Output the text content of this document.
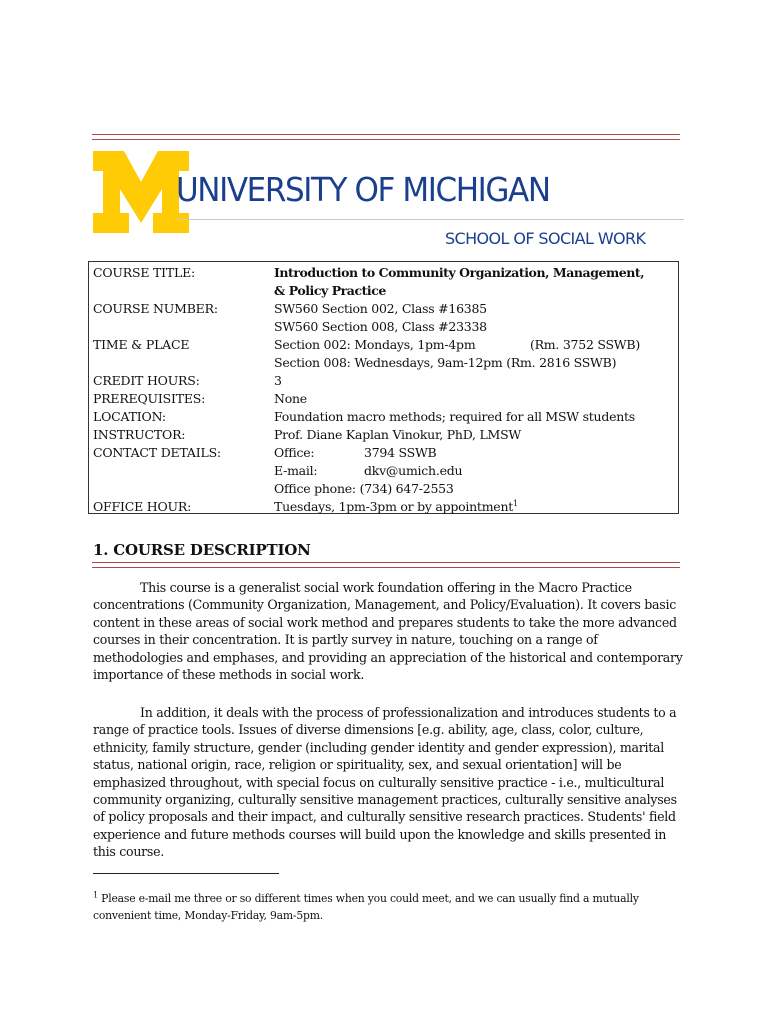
UNIVERSITY OF MICHIGAN
SCHOOL OF SOCIAL WORK
COURSE TITLE:	Introduction to Community Organization, Management,
& Policy Practice
COURSE NUMBER:	SW560 Section 002, Class #16385
SW560 Section 008, Class #23338
TIME & PLACE	Section 002: Mondays, 1pm-4pm	(Rm. 3752 SSWB)
Section 008: Wednesdays, 9am-12pm (Rm. 2816 SSWB)
CREDIT HOURS:	3
PREREQUISITES:	None
LOCATION:	Foundation macro methods; required for all MSW students
INSTRUCTOR:	Prof. Diane Kaplan Vinokur, PhD, LMSW
CONTACT DETAILS:	Office:	3794 SSWB
E-mail:	dkv@umich.edu
Office phone: (734) 647-2553
OFFICE HOUR:	Tuesdays, 1pm-3pm or by appointment$^1$
1. COURSE DESCRIPTION

This course is a generalist social work foundation offering in the Macro Practice concentrations (Community Organization, Management, and Policy/Evaluation). It covers basic content in these areas of social work method and prepares students to take the more advanced courses in their concentration. It is partly survey in nature, touching on a range of methodologies and emphases, and providing an appreciation of the historical and contemporary importance of these methods in social work.

In addition, it deals with the process of professionalization and introduces students to a range of practice tools. Issues of diverse dimensions [e.g. ability, age, class, color, culture, ethnicity, family structure, gender (including gender identity and gender expression), marital status, national origin, race, religion or spirituality, sex, and sexual orientation] will be emphasized throughout, with special focus on culturally sensitive practice - i.e., multicultural community organizing, culturally sensitive management practices, culturally sensitive analyses of policy proposals and their impact, and culturally sensitive research practices. Students' field experience and future methods courses will build upon the knowledge and skills presented in this course.

$^1$ Please e-mail me three or so different times when you could meet, and we can usually find a mutually convenient time, Monday-Friday, 9am-5pm.
